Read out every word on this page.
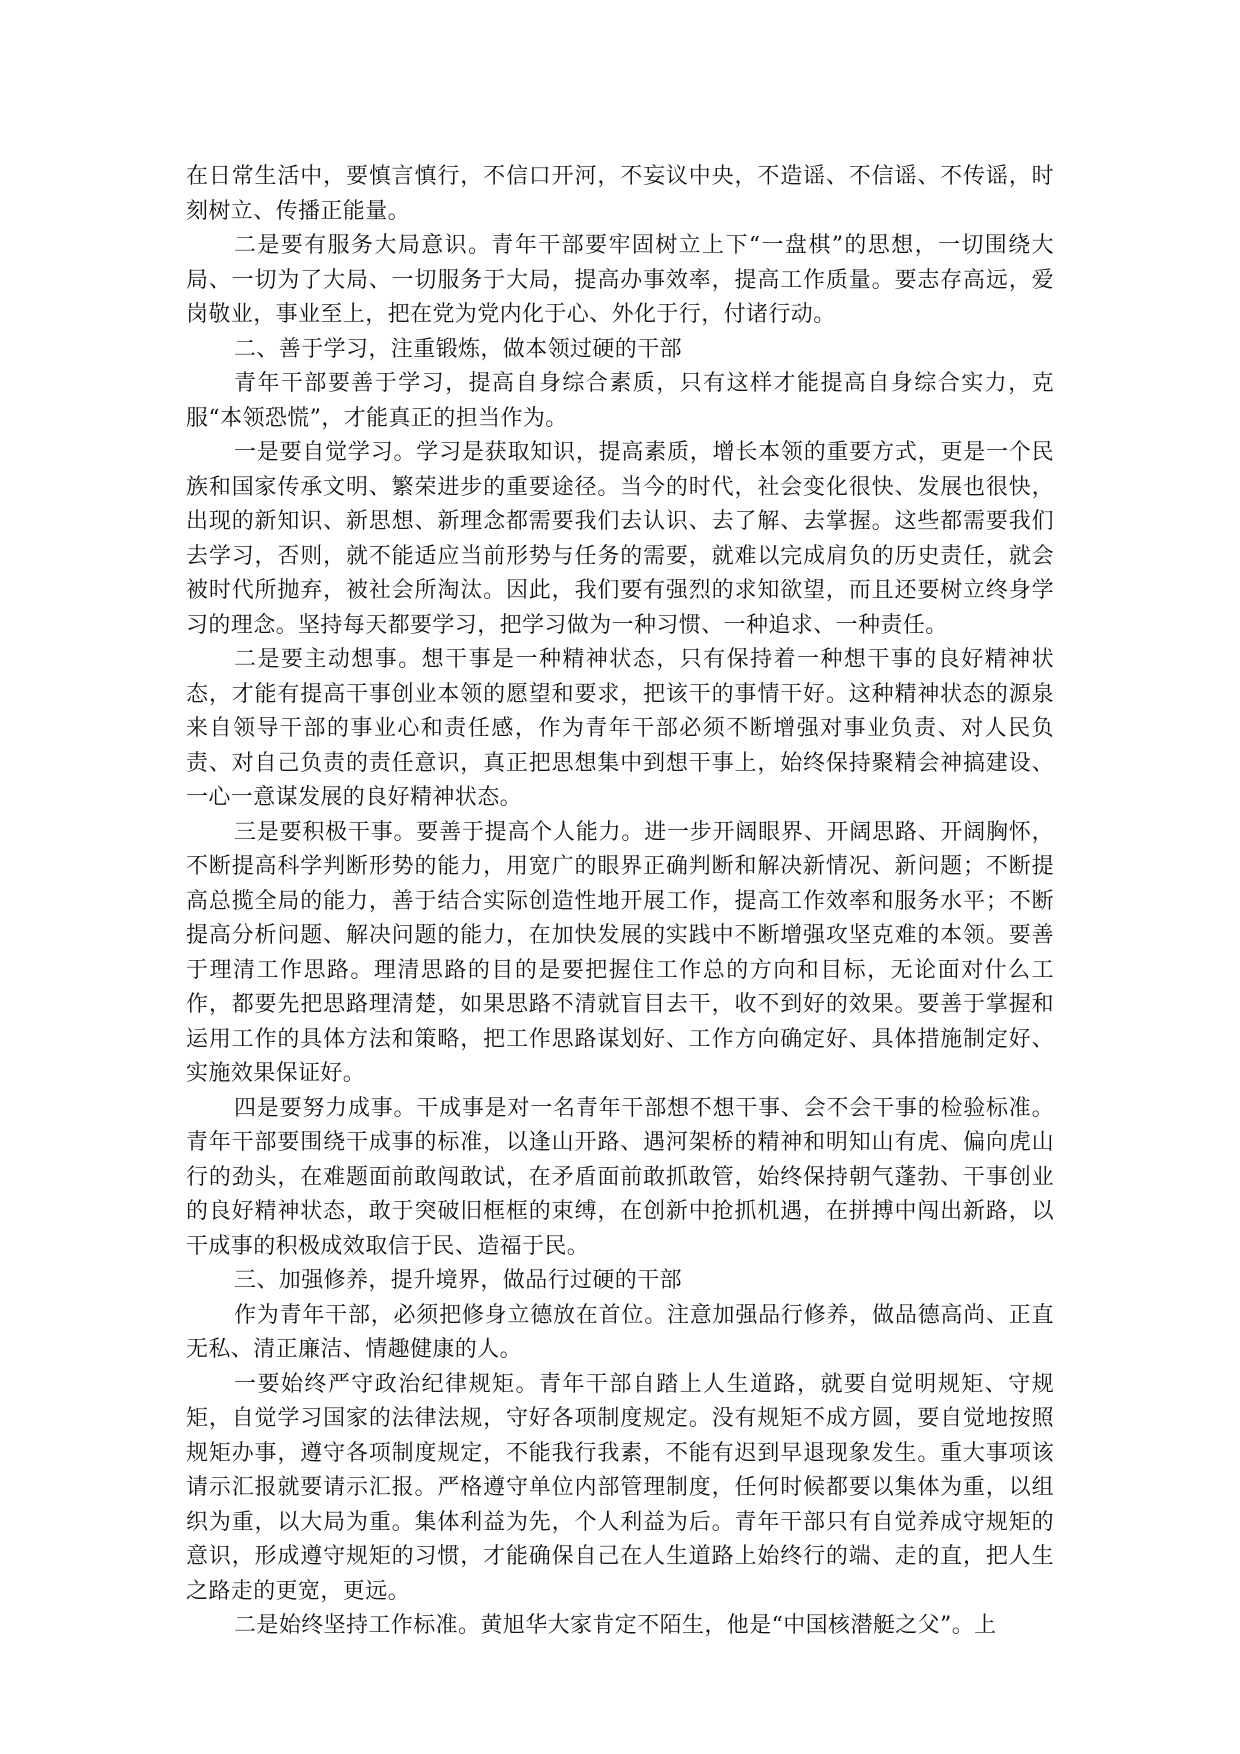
在日常生活中，要慎言慎行，不信口开河，不妄议中央，不造谣、不信谣、不传谣，时刻树立、传播正能量。

二是要有服务大局意识。青年干部要牢固树立上下“一盘棋”的思想，一切围绕大局、一切为了大局、一切服务于大局，提高办事效率，提高工作质量。要志存高远，爱岗敬业，事业至上，把在党为党内化于心、外化于行，付诸行动。

二、善于学习，注重锻炼，做本领过硬的干部

青年干部要善于学习，提高自身综合素质，只有这样才能提高自身综合实力，克服“本领恐慌”，才能真正的担当作为。

一是要自觉学习。学习是获取知识，提高素质，增长本领的重要方式，更是一个民族和国家传承文明、繁荣进步的重要途径。当今的时代，社会变化很快、发展也很快，出现的新知识、新思想、新理念都需要我们去认识、去了解、去掌握。这些都需要我们去学习，否则，就不能适应当前形势与任务的需要，就难以完成肩负的历史责任，就会被时代所抛弃，被社会所淘汰。因此，我们要有强烈的求知欲望，而且还要树立终身学习的理念。坚持每天都要学习，把学习做为一种习惯、一种追求、一种责任。

二是要主动想事。想干事是一种精神状态，只有保持着一种想干事的良好精神状态，才能有提高干事创业本领的愿望和要求，把该干的事情干好。这种精神状态的源泉来自领导干部的事业心和责任感，作为青年干部必须不断增强对事业负责、对人民负责、对自己负责的责任意识，真正把思想集中到想干事上，始终保持聚精会神搞建设、一心一意谋发展的良好精神状态。

三是要积极干事。要善于提高个人能力。进一步开阔眼界、开阔思路、开阔胸怀，不断提高科学判断形势的能力，用宽广的眼界正确判断和解决新情况、新问题；不断提高总揽全局的能力，善于结合实际创造性地开展工作，提高工作效率和服务水平；不断提高分析问题、解决问题的能力，在加快发展的实践中不断增强攻坚克难的本领。要善于理清工作思路。理清思路的目的是要把握住工作总的方向和目标，无论面对什么工作，都要先把思路理清楚，如果思路不清就盲目去干，收不到好的效果。要善于掌握和运用工作的具体方法和策略，把工作思路谋划好、工作方向确定好、具体措施制定好、实施效果保证好。

四是要努力成事。干成事是对一名青年干部想不想干事、会不会干事的检验标准。青年干部要围绕干成事的标准，以逢山开路、遇河架桥的精神和明知山有虎、偏向虎山行的劲头，在难题面前敢闯敢试，在矛盾面前敢抓敢管，始终保持朝气蓬勃、干事创业的良好精神状态，敢于突破旧框框的束缚，在创新中抢抓机遇，在拼搏中闯出新路，以干成事的积极成效取信于民、造福于民。

三、加强修养，提升境界，做品行过硬的干部

作为青年干部，必须把修身立德放在首位。注意加强品行修养，做品德高尚、正直无私、清正廉洁、情趣健康的人。

一要始终严守政治纪律规矩。青年干部自踏上人生道路，就要自觉明规矩、守规矩，自觉学习国家的法律法规，守好各项制度规定。没有规矩不成方圆，要自觉地按照规矩办事，遵守各项制度规定，不能我行我素，不能有迟到早退现象发生。重大事项该请示汇报就要请示汇报。严格遵守单位内部管理制度，任何时候都要以集体为重，以组织为重，以大局为重。集体利益为先，个人利益为后。青年干部只有自觉养成守规矩的意识，形成遵守规矩的习惯，才能确保自己在人生道路上始终行的端、走的直，把人生之路走的更宽，更远。

二是始终坚持工作标准。黄旭华大家肯定不陌生，他是“中国核潜艇之父”。上
